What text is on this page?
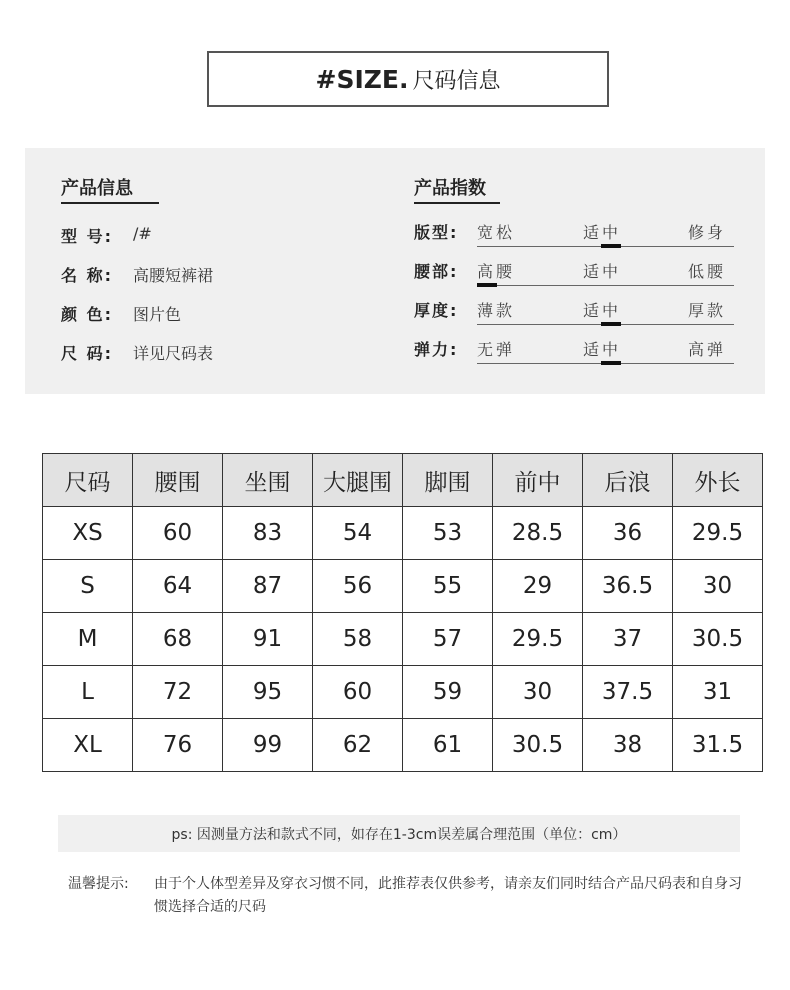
# SIZE. 尺码信息
产品信息
型 号:	/#
名 称:	高腰短裤裙
颜 色:	图片色
尺 码:	详见尺码表
产品指数
版型: 宽松	适中	修身
腰部: 高腰	适中	低腰
厚度: 薄款	适中	厚款
弹力: 无弹	适中	高弹
尺码	腰围	坐围	大腿围	脚围	前中	后浪	外长
XS	60	83	54	53	28.5	36	29.5
S	64	87	56	55	29	36.5	30
M	68	91	58	57	29.5	37	30.5
L	72	95	60	59	30	37.5	31
XL	76	99	62	61	30.5	38	31.5
ps: 因测量方法和款式不同，如存在1-3cm误差属合理范围（单位：cm）
温馨提示: 由于个人体型差异及穿衣习惯不同，此推荐表仅供参考，请亲友们同时结合产品尺码表和自身习惯选择合适的尺码
